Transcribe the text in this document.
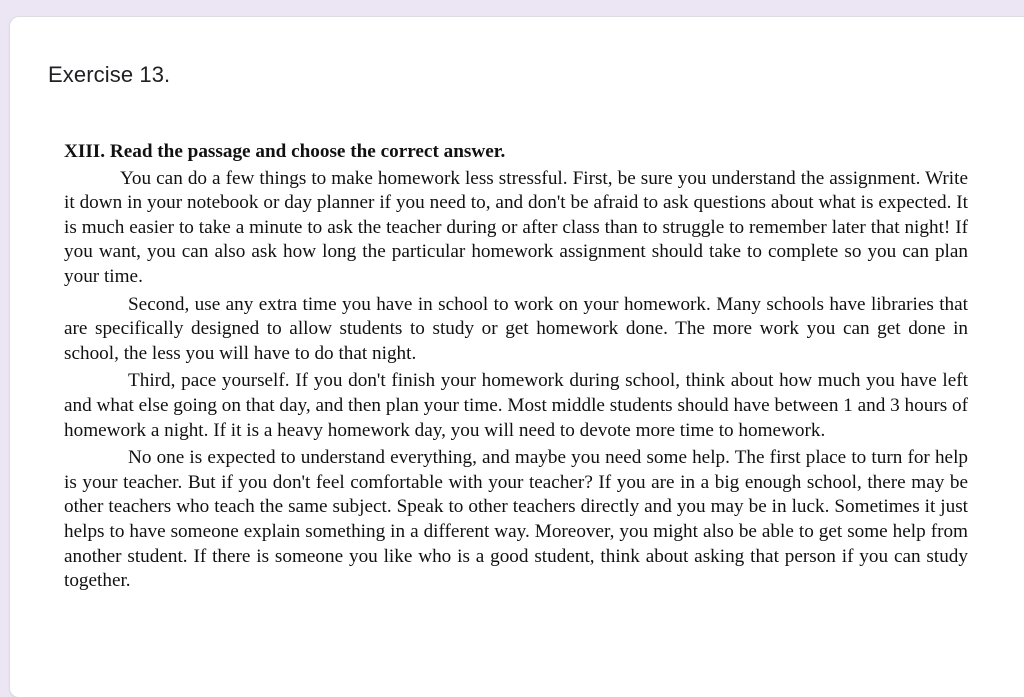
Exercise 13.

XIII. Read the passage and choose the correct answer.

You can do a few things to make homework less stressful. First, be sure you understand the assignment. Write it down in your notebook or day planner if you need to, and don't be afraid to ask questions about what is expected. It is much easier to take a minute to ask the teacher during or after class than to struggle to remember later that night! If you want, you can also ask how long the particular homework assignment should take to complete so you can plan your time.

Second, use any extra time you have in school to work on your homework. Many schools have libraries that are specifically designed to allow students to study or get homework done. The more work you can get done in school, the less you will have to do that night.

Third, pace yourself. If you don't finish your homework during school, think about how much you have left and what else going on that day, and then plan your time. Most middle students should have between 1 and 3 hours of homework a night. If it is a heavy homework day, you will need to devote more time to homework.

No one is expected to understand everything, and maybe you need some help. The first place to turn for help is your teacher. But if you don't feel comfortable with your teacher? If you are in a big enough school, there may be other teachers who teach the same subject. Speak to other teachers directly and you may be in luck. Sometimes it just helps to have someone explain something in a different way. Moreover, you might also be able to get some help from another student. If there is someone you like who is a good student, think about asking that person if you can study together.
